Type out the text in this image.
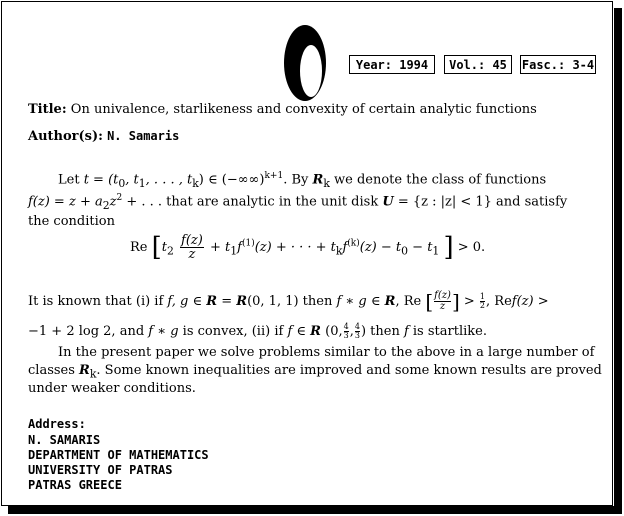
Year: 1994	Vol.: 45	Fasc.: 3-4
Title: On univalence, starlikeness and convexity of certain analytic functions
Author(s): N. Samaris
Let $t = (t_0$, $t_1$, . . . , $t_k$) ∈ (−∞∞)$^{k+1}$. By $R_k$ we denote the class of functions
$f(z) = z + a_2z^2$ + . . . that are analytic in the unit disk U = {z : |z| < 1} and satisfy
the condition
Re [$t_2 \frac{f(z)}{z} + t_1f^{(1)}(z)$ + · · · + $t_kf^{(k)}(z) - t_0 - t_1$ ] > 0.
It is known that (i) if f, g ∈ R = R(0, 1, 1) then f ∗ g ∈ R, Re [ $\frac{f(z)}{z}] > \frac{1}{2}$, Ref(z) >
−1 + 2 log 2, and f ∗ g is convex, (ii) if f ∈ R (0, $\frac{4}{3}$, $\frac{4}{3}$) then f is startlike.
In the present paper we solve problems similar to the above in a large number of
classes $R_k$. Some known inequalities are improved and some known results are proved
under weaker conditions.
Address:
N. SAMARIS
DEPARTMENT OF MATHEMATICS
UNIVERSITY OF PATRAS
PATRAS GREECE
